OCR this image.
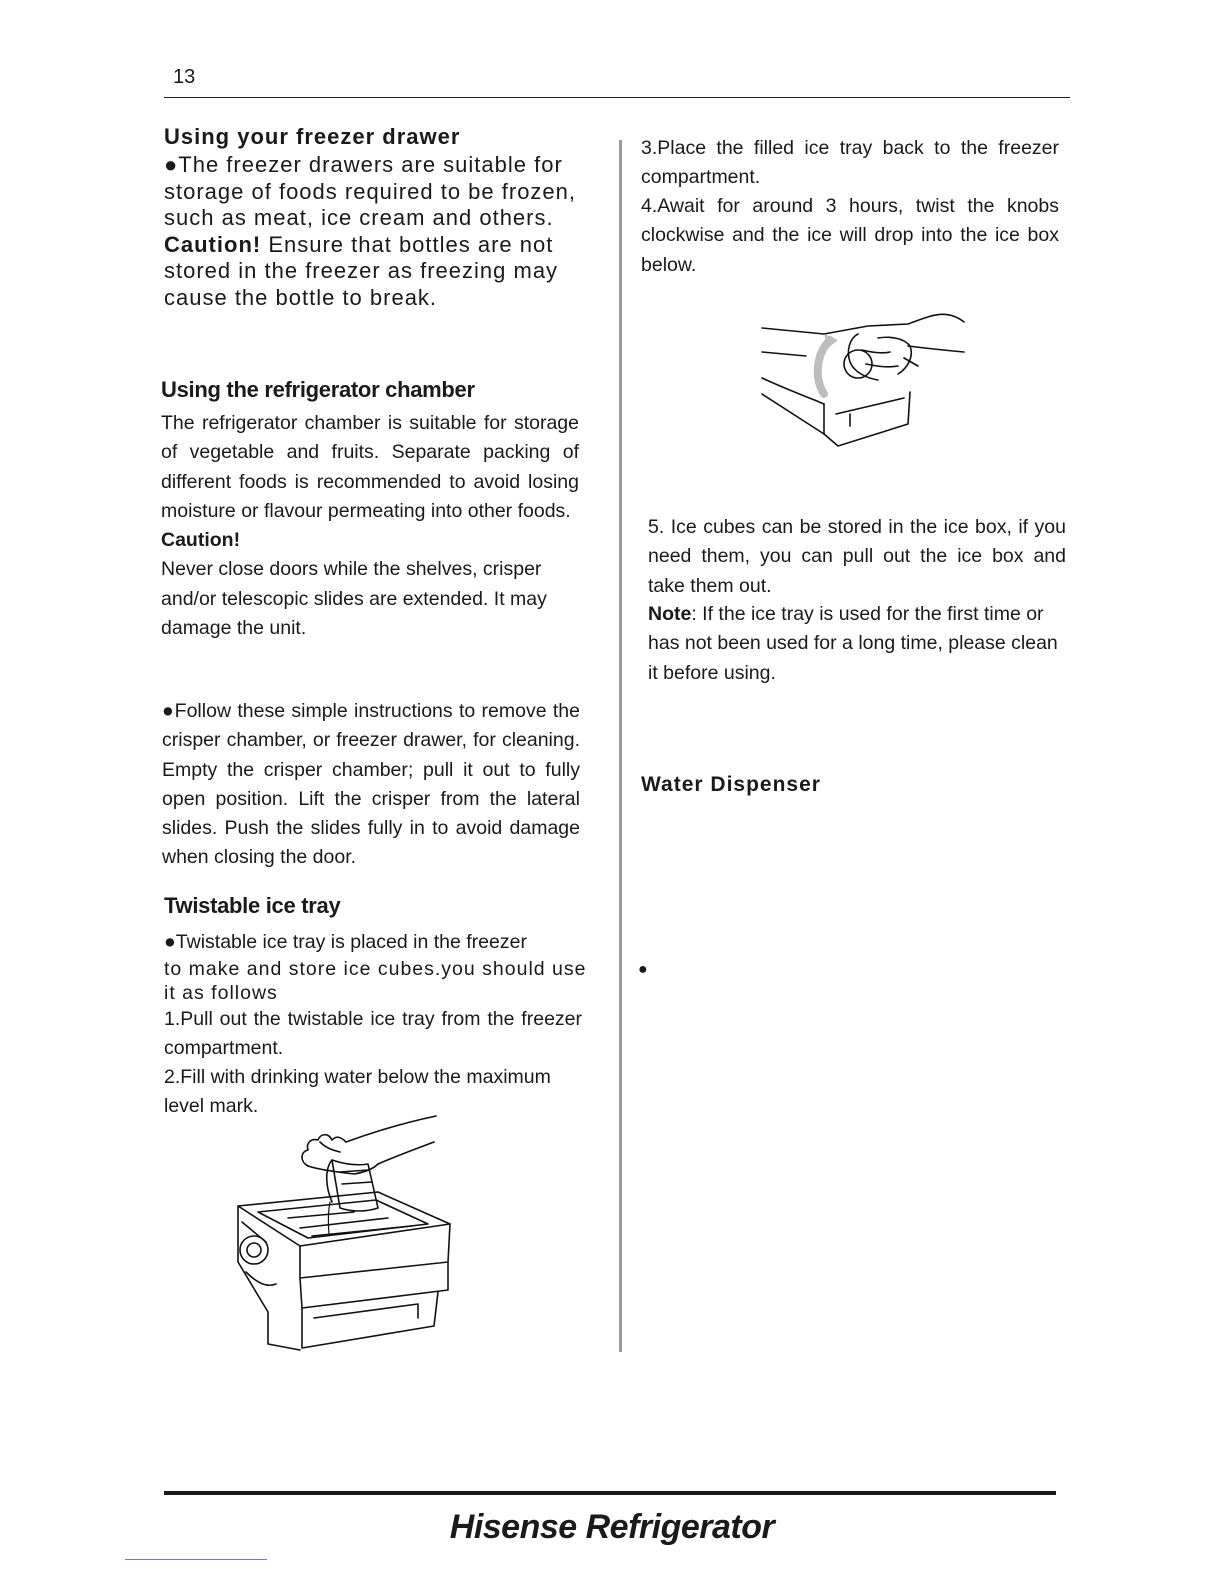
13
Using your freezer drawer

●The freezer drawers are suitable for storage of foods required to be frozen, such as meat, ice cream and others.

Caution! Ensure that bottles are not stored in the freezer as freezing may cause the bottle to break.

Using the refrigerator chamber

The refrigerator chamber is suitable for storage of vegetable and fruits. Separate packing of different foods is recommended to avoid losing moisture or flavour permeating into other foods.

Caution!

Never close doors while the shelves, crisper and/or telescopic slides are extended. It may damage the unit.

●Follow these simple instructions to remove the crisper chamber, or freezer drawer, for cleaning. Empty the crisper chamber; pull it out to fully open position. Lift the crisper from the lateral slides. Push the slides fully in to avoid damage when closing the door.
Twistable ice tray

●Twistable ice tray is placed in the freezer

to make and store ice cubes.you should use

it as follows

1.Pull out the twistable ice tray from the freezer compartment.
2.Fill with drinking water below the maximum level mark.
3.Place the filled ice tray back to the freezer compartment.
4.Await for around 3 hours, twist the knobs clockwise and the ice will drop into the ice box below.
5. Ice cubes can be stored in the ice box, if you need them, you can pull out the ice box and take them out.
Note: If the ice tray is used for the first time or has not been used for a long time, please clean it before using.
Water Dispenser
●
Hisense Refrigerator
